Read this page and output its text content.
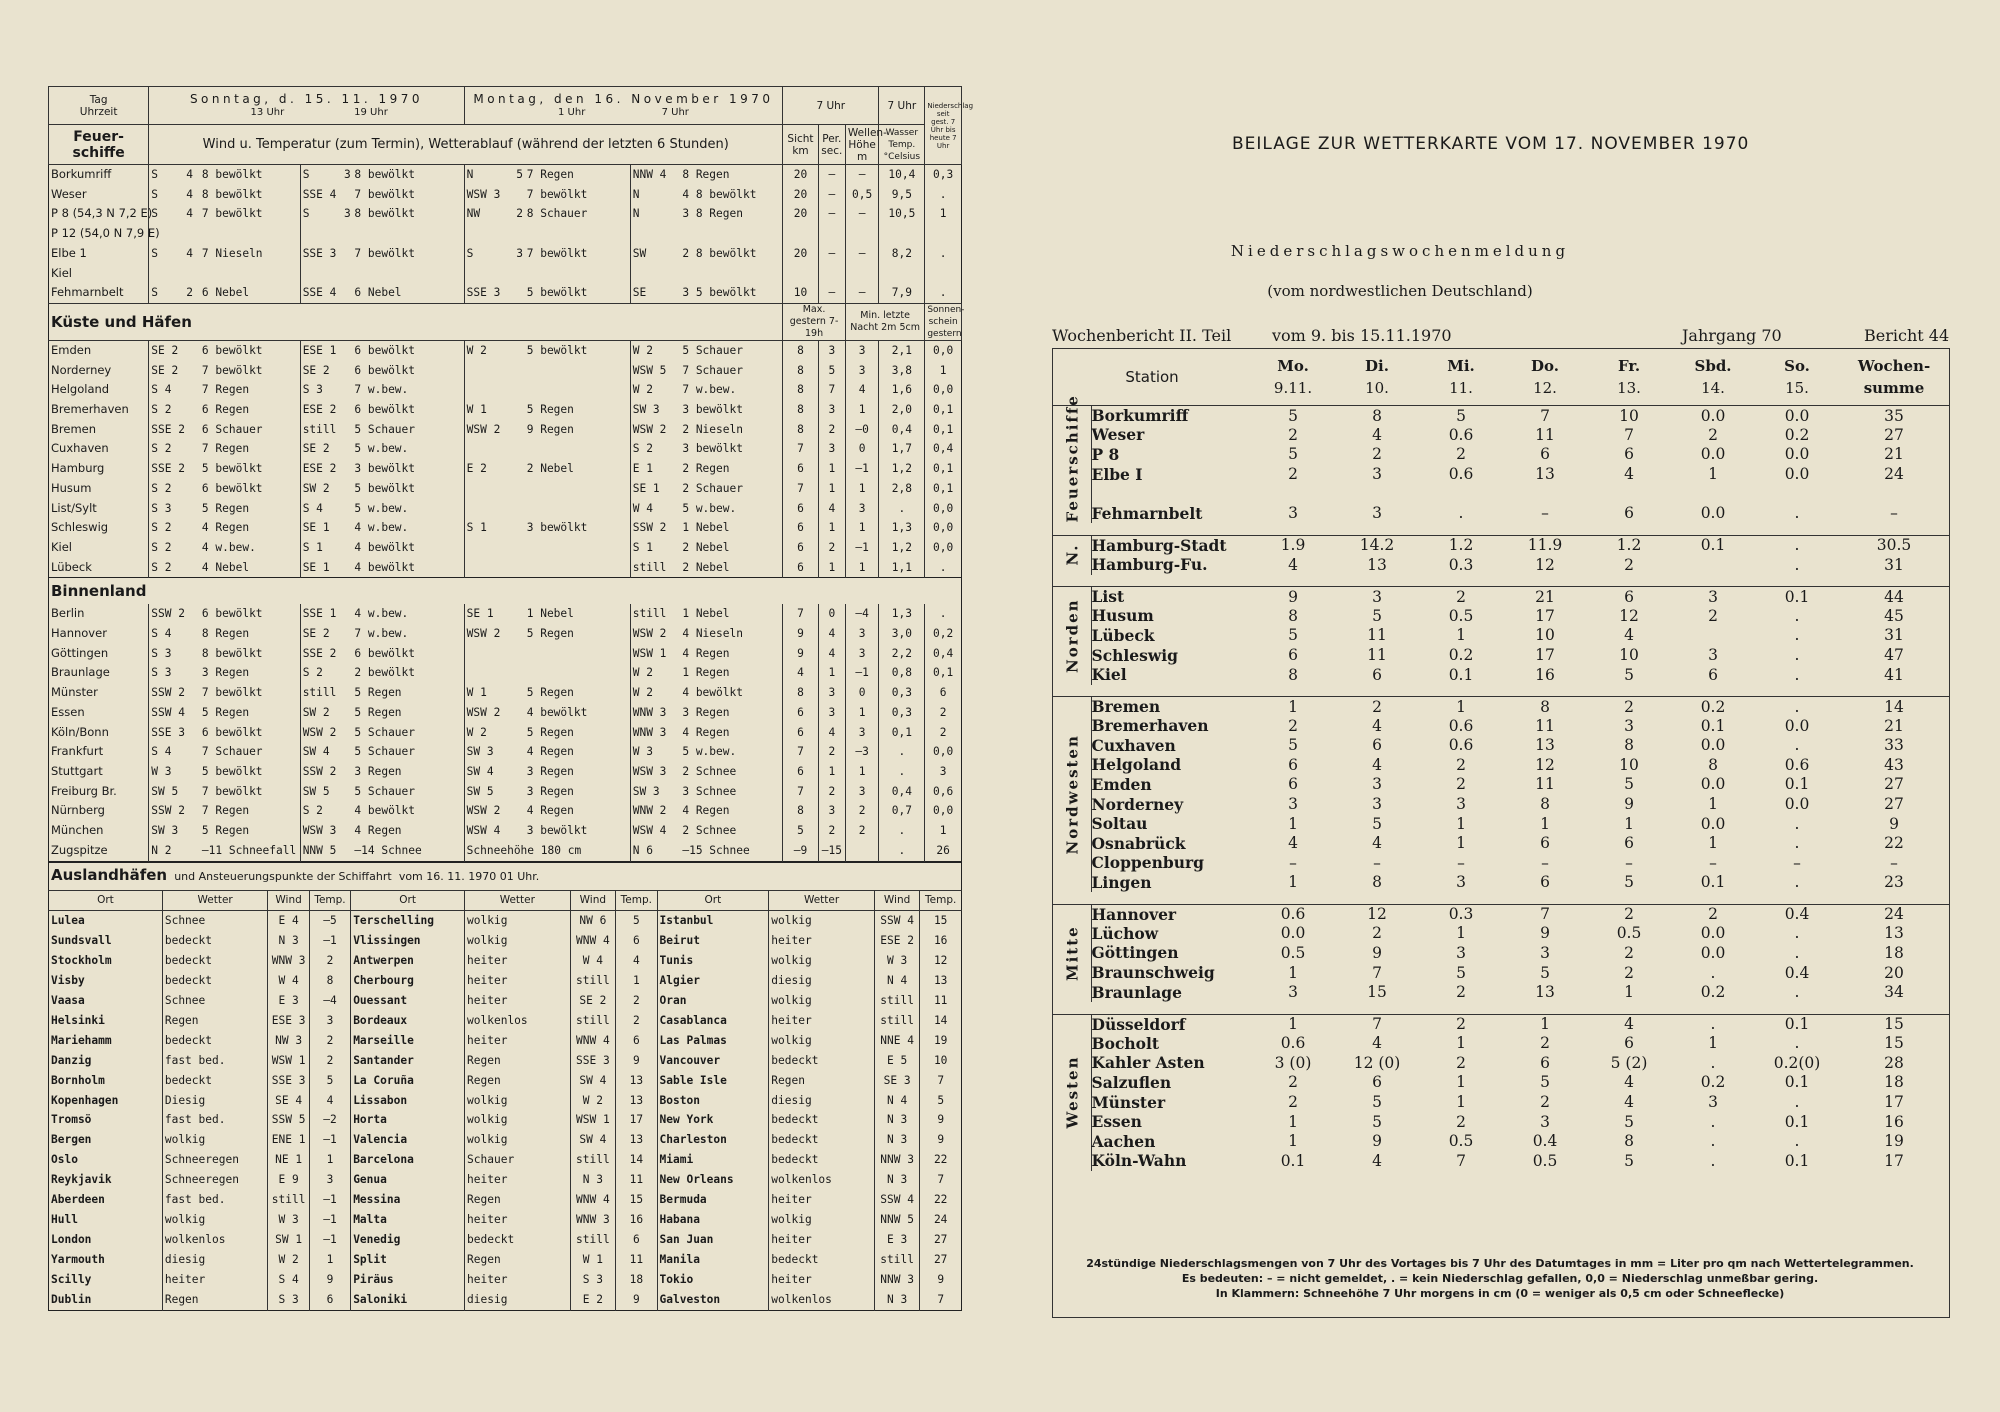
Tag
Uhrzeit	Sonntag, d. 15. 11. 1970
13 Uhr 19 Uhr						Montag, den 16. November 1970
1 Uhr 7 Uhr					7 Uhr			7 Uhr	Niederschlag seit gest. 7 Uhr bis heute 7 Uhr
Feuer- schiffe	Wind u. Temperatur (zum Termin), Wetterablauf (während der letzten 6 Stunden)											Sicht km	Per. sec.	Wellen- Höhe m	Wasser Temp. °Celsius	
Borkumriff	S	4	8 bewölkt	S	3	8 bewölkt	N	5	7 Regen	NNW 4	8 Regen	20	–	–	10,4	0,3
Weser	S	4	8 bewölkt	SSE 4		7 bewölkt	WSW 3		7 bewölkt	N	4 8 bewölkt	20	–	0,5	9,5	.
P 8 (54,3 N 7,2 E)	S	4	7 bewölkt	S	3	8 bewölkt	NW	2	8 Schauer	N	3 8 Regen	20	–	–	10,5	1
P 12 (54,0 N 7,9 E)																
Elbe 1	S	4	7 Nieseln	SSE 3		7 bewölkt	S	3	7 bewölkt	SW	2 8 bewölkt	20	–	–	8,2	.
Kiel																
Fehmarnbelt	S	2	6 Nebel	SSE 4		6 Nebel	SSE 3		5 bewölkt	SE	3 5 bewölkt	10	–	–	7,9	.
Küste und Häfen												Max. gestern 7-19h		Min. letzte Nacht 2m 5cm		Sonnen- schein gestern
Emden	SE 2		6 bewölkt	ESE 1		6 bewölkt	W 2		5 bewölkt	W 2	5 Schauer	8	3	3	2,1	0,0
Norderney	SE 2		7 bewölkt	SE 2		6 bewölkt				WSW 5	7 Schauer	8	5	3	3,8	1
Helgoland	S 4		7 Regen	S 3		7 w.bew.				W 2	7 w.bew.	8	7	4	1,6	0,0
Bremerhaven	S 2		6 Regen	ESE 2		6 bewölkt	W 1		5 Regen	SW 3	3 bewölkt	8	3	1	2,0	0,1
Bremen	SSE 2		6 Schauer	still		5 Schauer	WSW 2		9 Regen	WSW 2	2 Nieseln	8	2	–0	0,4	0,1
Cuxhaven	S 2		7 Regen	SE 2		5 w.bew.				S 2	3 bewölkt	7	3	0	1,7	0,4
Hamburg	SSE 2		5 bewölkt	ESE 2		3 bewölkt	E 2		2 Nebel	E 1	2 Regen	6	1	–1	1,2	0,1
Husum	S 2		6 bewölkt	SW 2		5 bewölkt				SE 1	2 Schauer	7	1	1	2,8	0,1
List/Sylt	S 3		5 Regen	S 4		5 w.bew.				W 4	5 w.bew.	6	4	3	.	0,0
Schleswig	S 2		4 Regen	SE 1		4 w.bew.	S 1		3 bewölkt	SSW 2	1 Nebel	6	1	1	1,3	0,0
Kiel	S 2		4 w.bew.	S 1		4 bewölkt				S 1	2 Nebel	6	2	–1	1,2	0,0
Lübeck	S 2		4 Nebel	SE 1		4 bewölkt				still	2 Nebel	6	1	1	1,1	.
Binnenland																
Berlin	SSW 2		6 bewölkt	SSE 1		4 w.bew.	SE 1		1 Nebel	still	1 Nebel	7	0	–4	1,3	.
Hannover	S 4		8 Regen	SE 2		7 w.bew.	WSW 2		5 Regen	WSW 2	4 Nieseln	9	4	3	3,0	0,2
Göttingen	S 3		8 bewölkt	SSE 2		6 bewölkt				WSW 1	4 Regen	9	4	3	2,2	0,4
Braunlage	S 3		3 Regen	S 2		2 bewölkt				W 2	1 Regen	4	1	–1	0,8	0,1
Münster	SSW 2		7 bewölkt	still		5 Regen	W 1		5 Regen	W 2	4 bewölkt	8	3	0	0,3	6
Essen	SSW 4		5 Regen	SW 2		5 Regen	WSW 2		4 bewölkt	WNW 3	3 Regen	6	3	1	0,3	2
Köln/Bonn	SSE 3		6 bewölkt	WSW 2		5 Schauer	W 2		5 Regen	WNW 3	4 Regen	6	4	3	0,1	2
Frankfurt	S 4		7 Schauer	SW 4		5 Schauer	SW 3		4 Regen	W 3	5 w.bew.	7	2	–3	.	0,0
Stuttgart	W 3		5 bewölkt	SSW 2		3 Regen	SW 4		3 Regen	WSW 3	2 Schnee	6	1	1	.	3
Freiburg Br.	SW 5		7 bewölkt	SW 5		5 Schauer	SW 5		3 Regen	SW 3	3 Schnee	7	2	3	0,4	0,6
Nürnberg	SSW 2		7 Regen	S 2		4 bewölkt	WSW 2		4 Regen	WNW 2	4 Regen	8	3	2	0,7	0,0
München	SW 3		5 Regen	WSW 3		4 Regen	WSW 4		3 bewölkt	WSW 4	2 Schnee	5	2	2	.	1
Zugspitze	N 2		–11 Schneefall	NNW 5		–14 Schnee	Schneehöhe 180 cm			N 6	–15 Schnee	–9	–15		.	26
Auslandhäfen und Ansteuerungspunkte der Schiffahrt vom 16. 11. 1970 01 Uhr.											
Ort	Wetter	Wind	Temp.	Ort	Wetter	Wind	Temp.	Ort	Wetter	Wind	Temp.
Lulea	Schnee	E 4	–5	Terschelling	wolkig	NW 6	5	Istanbul	wolkig	SSW 4	15
Sundsvall	bedeckt	N 3	–1	Vlissingen	wolkig	WNW 4	6	Beirut	heiter	ESE 2	16
Stockholm	bedeckt	WNW 3	2	Antwerpen	heiter	W 4	4	Tunis	wolkig	W 3	12
Visby	bedeckt	W 4	8	Cherbourg	heiter	still	1	Algier	diesig	N 4	13
Vaasa	Schnee	E 3	–4	Ouessant	heiter	SE 2	2	Oran	wolkig	still	11
Helsinki	Regen	ESE 3	3	Bordeaux	wolkenlos	still	2	Casablanca	heiter	still	14
Mariehamm	bedeckt	NW 3	2	Marseille	heiter	WNW 4	6	Las Palmas	wolkig	NNE 4	19
Danzig	fast bed.	WSW 1	2	Santander	Regen	SSE 3	9	Vancouver	bedeckt	E 5	10
Bornholm	bedeckt	SSE 3	5	La Coruña	Regen	SW 4	13	Sable Isle	Regen	SE 3	7
Kopenhagen	Diesig	SE 4	4	Lissabon	wolkig	W 2	13	Boston	diesig	N 4	5
Tromsö	fast bed.	SSW 5	–2	Horta	wolkig	WSW 1	17	New York	bedeckt	N 3	9
Bergen	wolkig	ENE 1	–1	Valencia	wolkig	SW 4	13	Charleston	bedeckt	N 3	9
Oslo	Schneeregen	NE 1	1	Barcelona	Schauer	still	14	Miami	bedeckt	NNW 3	22
Reykjavik	Schneeregen	E 9	3	Genua	heiter	N 3	11	New Orleans	wolkenlos	N 3	7
Aberdeen	fast bed.	still	–1	Messina	Regen	WNW 4	15	Bermuda	heiter	SSW 4	22
Hull	wolkig	W 3	–1	Malta	heiter	WNW 3	16	Habana	wolkig	NNW 5	24
London	wolkenlos	SW 1	–1	Venedig	bedeckt	still	6	San Juan	heiter	E 3	27
Yarmouth	diesig	W 2	1	Split	Regen	W 1	11	Manila	bedeckt	still	27
Scilly	heiter	S 4	9	Piräus	heiter	S 3	18	Tokio	heiter	NNW 3	9
Dublin	Regen	S 3	6	Saloniki	diesig	E 2	9	Galveston	wolkenlos	N 3	7
BEILAGE ZUR WETTERKARTE VOM 17. NOVEMBER 1970
Niederschlagswochenmeldung
(vom nordwestlichen Deutschland)
Wochenbericht II. Teil	vom 9. bis 15.11.1970	Jahrgang 70	Bericht 44
Station		Mo.
9.11.	Di.
10.	Mi.
11.	Do.
12.	Fr.
13.	Sbd.
14.	So.
15.	Wochen-
summe
Feuerschiffe	Borkumriff	5	8	5	7	10	0.0	0.0	35
	Weser	2	4	0.6	11	7	2	0.2	27
	P 8	5	2	2	6	6	0.0	0.0	21
	Elbe I	2	3	0.6	13	4	1	0.0	24

	Fehmarnbelt	3	3	.	–	6	0.0	.	–

N.	Hamburg-Stadt	1.9	14.2	1.2	11.9	1.2	0.1	.	30.5
	Hamburg-Fu.	4	13	0.3	12	2		.	31

Norden	List	9	3	2	21	6	3	0.1	44
	Husum	8	5	0.5	17	12	2	.	45
	Lübeck	5	11	1	10	4		.	31
	Schleswig	6	11	0.2	17	10	3	.	47
	Kiel	8	6	0.1	16	5	6	.	41

Nordwesten	Bremen	1	2	1	8	2	0.2	.	14
	Bremerhaven	2	4	0.6	11	3	0.1	0.0	21
	Cuxhaven	5	6	0.6	13	8	0.0	.	33
	Helgoland	6	4	2	12	10	8	0.6	43
	Emden	6	3	2	11	5	0.0	0.1	27
	Norderney	3	3	3	8	9	1	0.0	27
	Soltau	1	5	1	1	1	0.0	.	9
	Osnabrück	4	4	1	6	6	1	.	22
	Cloppenburg	–	–	–	–	–	–	–	–
	Lingen	1	8	3	6	5	0.1	.	23

Mitte	Hannover	0.6	12	0.3	7	2	2	0.4	24
	Lüchow	0.0	2	1	9	0.5	0.0	.	13
	Göttingen	0.5	9	3	3	2	0.0	.	18
	Braunschweig	1	7	5	5	2	.	0.4	20
	Braunlage	3	15	2	13	1	0.2	.	34

Westen	Düsseldorf	1	7	2	1	4	.	0.1	15
	Bocholt	0.6	4	1	2	6	1	.	15
	Kahler Asten	3 (0)	12 (0)	2	6	5 (2)	.	0.2(0)	28
	Salzuflen	2	6	1	5	4	0.2	0.1	18
	Münster	2	5	1	2	4	3	.	17
	Essen	1	5	2	3	5	.	0.1	16
	Aachen	1	9	0.5	0.4	8	.	.	19
	Köln-Wahn	0.1	4	7	0.5	5	.	0.1	17

24stündige Niederschlagsmengen von 7 Uhr des Vortages bis 7 Uhr des Datumtages in mm = Liter pro qm nach Wettertelegrammen.
Es bedeuten: – = nicht gemeldet, . = kein Niederschlag gefallen, 0,0 = Niederschlag unmeßbar gering.
In Klammern: Schneehöhe 7 Uhr morgens in cm (0 = weniger als 0,5 cm oder Schneeflecke)
